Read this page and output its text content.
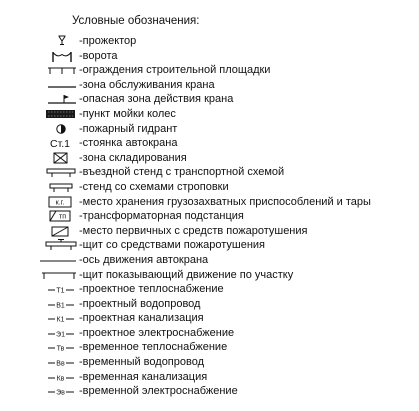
Условные обозначения:
-прожектор
-ворота
-ограждения строительной площадки
-зона обслуживания крана
-опасная зона действия крана
-пункт мойки колес
-пожарный гидрант
Ст.1 -стоянка автокрана
-зона складирования
-въездной стенд с транспортной схемой
-стенд со схемами строповки
к.г. -место хранения грузозахватных приспособлений и тары
тп -трансформаторная подстанция
-место первичных с средств пожаротушения
-щит со средствами пожаротушения
-ось движения автокрана
-щит показывающий движение по участку
Т1 -проектное теплоснабжение
В1 -проектный водопровод
К1 -проектная канализация
Э1 -проектное электроснабжение
Тв -временное теплоснабжение
Вв -временный водопровод
Кв -временная канализация
Эв -временной электроснабжение
